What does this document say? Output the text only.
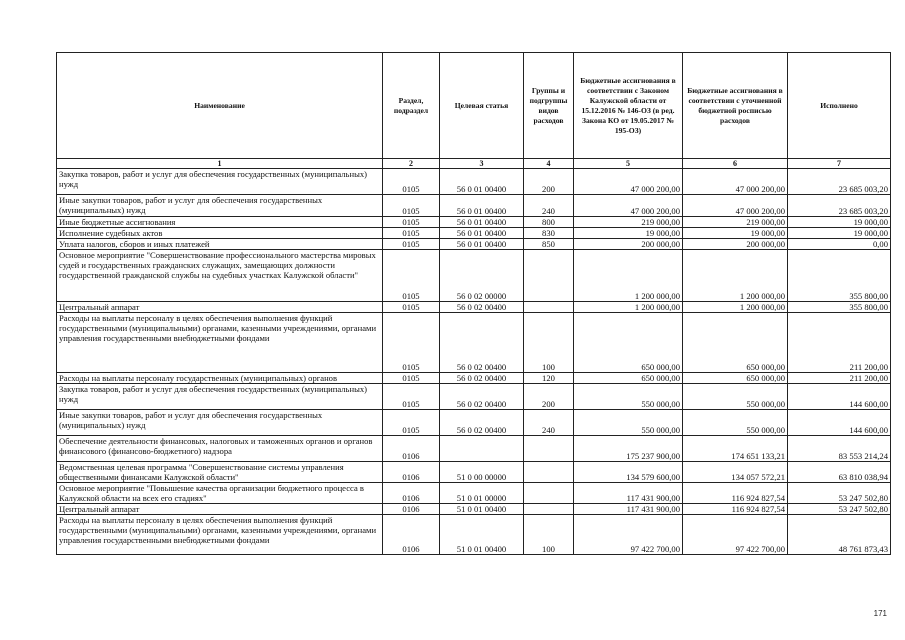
Наименование	Раздел, подраздел	Целевая статья	Группы и подгруппы видов расходов	Бюджетные ассигнования в соответствии с Законом Калужской области от 15.12.2016 № 146-ОЗ (в ред. Закона КО от 19.05.2017 № 195-ОЗ)	Бюджетные ассигнования в соответствии с уточненной бюджетной росписью расходов	Исполнено
1	2	3	4	5	6	7
Закупка товаров, работ и услуг для обеспечения государственных (муниципальных) нужд	0105	56 0 01 00400	200	47 000 200,00	47 000 200,00	23 685 003,20
Иные закупки товаров, работ и услуг для обеспечения государственных (муниципальных) нужд	0105	56 0 01 00400	240	47 000 200,00	47 000 200,00	23 685 003,20
Иные бюджетные ассигнования	0105	56 0 01 00400	800	219 000,00	219 000,00	19 000,00
Исполнение судебных актов	0105	56 0 01 00400	830	19 000,00	19 000,00	19 000,00
Уплата налогов, сборов и иных платежей	0105	56 0 01 00400	850	200 000,00	200 000,00	0,00
Основное мероприятие "Совершенствование профессионального мастерства мировых судей и государственных гражданских служащих, замещающих должности государственной гражданской службы на судебных участках Калужской области"	0105	56 0 02 00000		1 200 000,00	1 200 000,00	355 800,00
Центральный аппарат	0105	56 0 02 00400		1 200 000,00	1 200 000,00	355 800,00
Расходы на выплаты персоналу в целях обеспечения выполнения функций государственными (муниципальными) органами, казенными учреждениями, органами управления государственными внебюджетными фондами	0105	56 0 02 00400	100	650 000,00	650 000,00	211 200,00
Расходы на выплаты персоналу государственных (муниципальных) органов	0105	56 0 02 00400	120	650 000,00	650 000,00	211 200,00
Закупка товаров, работ и услуг для обеспечения государственных (муниципальных) нужд	0105	56 0 02 00400	200	550 000,00	550 000,00	144 600,00
Иные закупки товаров, работ и услуг для обеспечения государственных (муниципальных) нужд	0105	56 0 02 00400	240	550 000,00	550 000,00	144 600,00
Обеспечение деятельности финансовых, налоговых и таможенных органов и органов финансового (финансово-бюджетного) надзора	0106			175 237 900,00	174 651 133,21	83 553 214,24
Ведомственная целевая программа "Совершенствование системы управления общественными финансами Калужской области"	0106	51 0 00 00000		134 579 600,00	134 057 572,21	63 810 038,94
Основное мероприятие "Повышение качества организации бюджетного процесса в Калужской области на всех его стадиях"	0106	51 0 01 00000		117 431 900,00	116 924 827,54	53 247 502,80
Центральный аппарат	0106	51 0 01 00400		117 431 900,00	116 924 827,54	53 247 502,80
Расходы на выплаты персоналу в целях обеспечения выполнения функций государственными (муниципальными) органами, казенными учреждениями, органами управления государственными внебюджетными фондами	0106	51 0 01 00400	100	97 422 700,00	97 422 700,00	48 761 873,43
171
